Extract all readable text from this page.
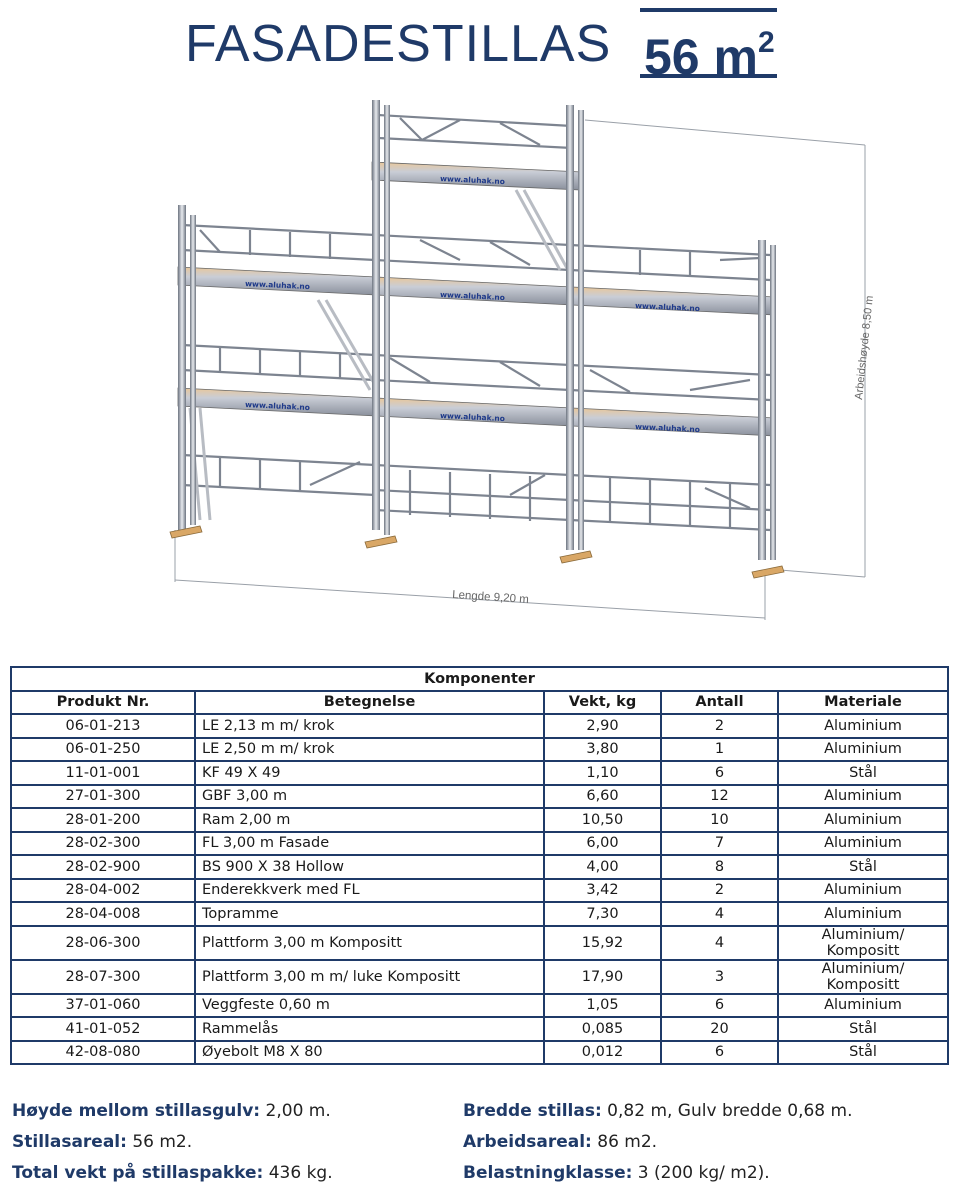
FASADESTILLAS 56 $m^2$
Arbeidshøyde 8,50 m
Lengde 9,20 m
www.aluhak.no
www.aluhak.no
www.aluhak.no
www.aluhak.no
www.aluhak.no
www.aluhak.no
www.aluhak.no
Komponenter				
Produkt Nr.	Betegnelse	Vekt, kg	Antall	Materiale
06-01-213	LE 2,13 m m/ krok	2,90	2	Aluminium
06-01-250	LE 2,50 m m/ krok	3,80	1	Aluminium
11-01-001	KF 49 X 49	1,10	6	Stål
27-01-300	GBF 3,00 m	6,60	12	Aluminium
28-01-200	Ram 2,00 m	10,50	10	Aluminium
28-02-300	FL 3,00 m Fasade	6,00	7	Aluminium
28-02-900	BS 900 X 38 Hollow	4,00	8	Stål
28-04-002	Enderekkverk med FL	3,42	2	Aluminium
28-04-008	Topramme	7,30	4	Aluminium
28-06-300	Plattform 3,00 m Kompositt	15,92	4	Aluminium/ Kompositt
28-07-300	Plattform 3,00 m m/ luke Kompositt	17,90	3	Aluminium/ Kompositt
37-01-060	Veggfeste 0,60 m	1,05	6	Aluminium
41-01-052	Rammelås	0,085	20	Stål
42-08-080	Øyebolt M8 X 80	0,012	6	Stål
Høyde mellom stillasgulv: 2,00 m.
Stillasareal: 56 m2.
Total vekt på stillaspakke: 436 kg.
Bredde stillas: 0,82 m, Gulv bredde 0,68 m.
Arbeidsareal: 86 m2.
Belastningklasse: 3 (200 kg/ m2).
